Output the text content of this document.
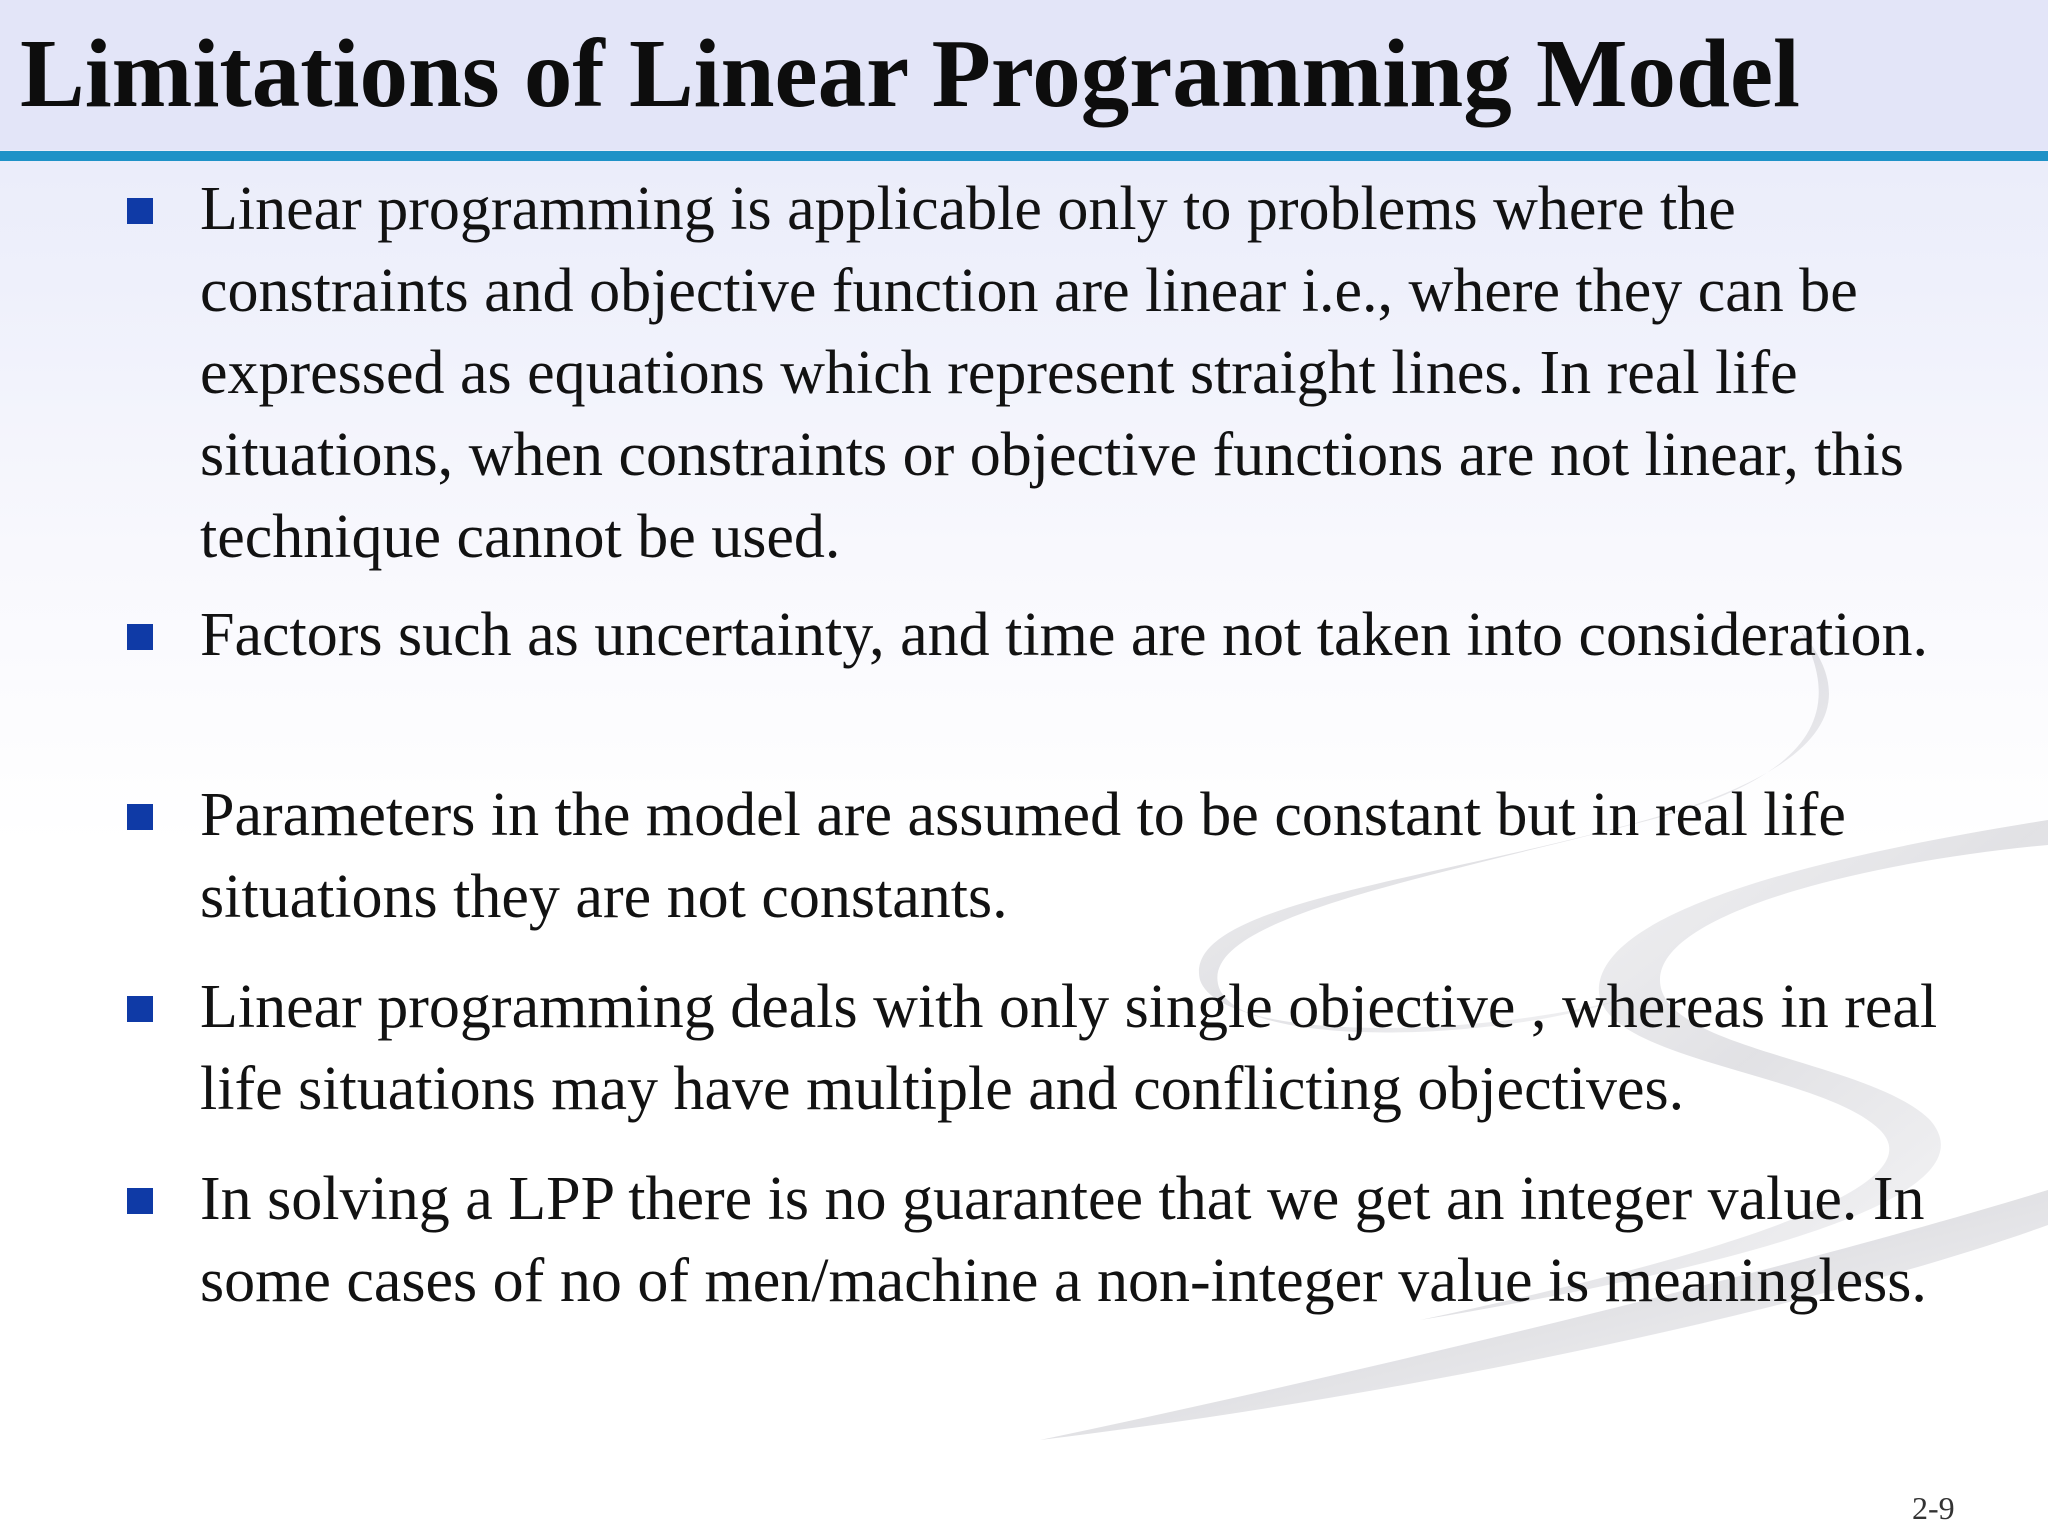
Limitations of Linear Programming Model
Linear programming is applicable only to problems where the constraints and objective function are linear i.e., where they can be expressed as equations which represent straight lines. In real life situations, when constraints or objective functions are not linear, this technique cannot be used.
Factors such as uncertainty, and time are not taken into consideration.
Parameters in the model are assumed to be constant but in real life situations they are not constants.
Linear programming deals with only single objective , whereas in real life situations may have multiple and conflicting objectives.
In solving a LPP there is no guarantee that we get an integer value. In some cases of no of men/machine a non-integer value is meaningless.
2-9
